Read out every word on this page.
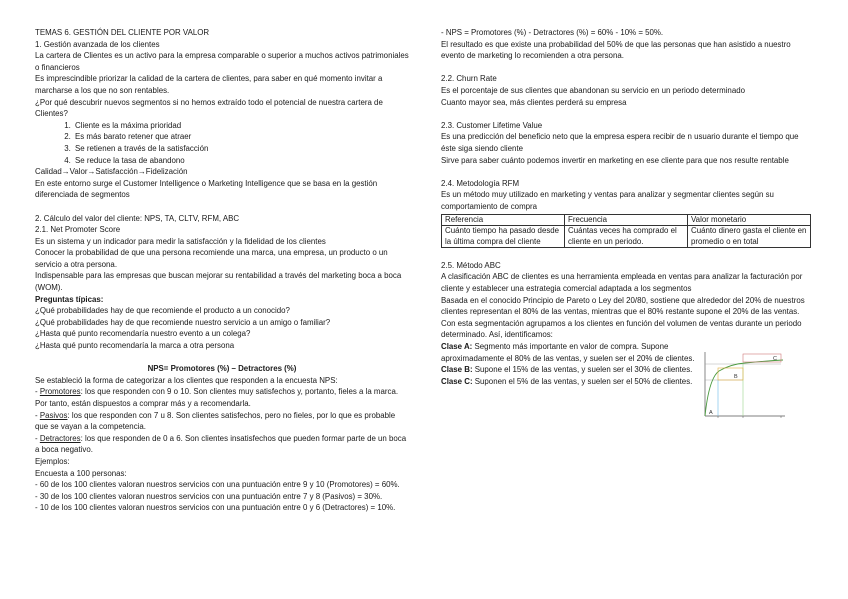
TEMAS 6. GESTIÓN DEL CLIENTE POR VALOR

1. Gestión avanzada de los clientes

La cartera de Clientes es un activo para la empresa comparable o superior a muchos activos patrimoniales o financieros

Es imprescindible priorizar la calidad de la cartera de clientes, para saber en qué momento invitar a marcharse a los que no son rentables.

¿Por qué descubrir nuevos segmentos si no hemos extraído todo el potencial de nuestra cartera de Clientes?

1. Cliente es la máxima prioridad
2. Es más barato retener que atraer
3. Se retienen a través de la satisfacción
4. Se reduce la tasa de abandono

Calidad→Valor→Satisfacción→Fidelización

En este entorno surge el Customer Intelligence o Marketing Intelligence que se basa en la gestión diferenciada de segmentos

2. Cálculo del valor del cliente: NPS, TA, CLTV, RFM, ABC

2.1. Net Promoter Score

Es un sistema y un indicador para medir la satisfacción y la fidelidad de los clientes

Conocer la probabilidad de que una persona recomiende una marca, una empresa, un producto o un servicio a otra persona.

Indispensable para las empresas que buscan mejorar su rentabilidad a través del marketing boca a boca (WOM).

Preguntas típicas:

¿Qué probabilidades hay de que recomiende el producto a un conocido?

¿Qué probabilidades hay de que recomiende nuestro servicio a un amigo o familiar?

¿Hasta qué punto recomendaría nuestro evento a un colega?

¿Hasta qué punto recomendaría la marca a otra persona

NPS= Promotores (%) – Detractores (%)

Se estableció la forma de categorizar a los clientes que responden a la encuesta NPS:

- Promotores: los que responden con 9 o 10. Son clientes muy satisfechos y, portanto, fieles a la marca. Por tanto, están dispuestos a comprar más y a recomendarla.

- Pasivos: los que responden con 7 u 8. Son clientes satisfechos, pero no fieles, por lo que es probable que se vayan a la competencia.

- Detractores: los que responden de 0 a 6. Son clientes insatisfechos que pueden formar parte de un boca a boca negativo.

Ejemplos:

Encuesta a 100 personas:

- 60 de los 100 clientes valoran nuestros servicios con una puntuación entre 9 y 10 (Promotores) = 60%.

- 30 de los 100 clientes valoran nuestros servicios con una puntuación entre 7 y 8 (Pasivos) = 30%.

- 10 de los 100 clientes valoran nuestros servicios con una puntuación entre 0 y 6 (Detractores) = 10%.

- NPS = Promotores (%) - Detractores (%) = 60% - 10% = 50%.

El resultado es que existe una probabilidad del 50% de que las personas que han asistido a nuestro evento de marketing lo recomienden a otra persona.

2.2. Churn Rate

Es el porcentaje de sus clientes que abandonan su servicio en un periodo determinado

Cuanto mayor sea, más clientes perderá su empresa

2.3. Customer Lifetime Value

Es una predicción del beneficio neto que la empresa espera recibir de n usuario durante el tiempo que éste siga siendo cliente

Sirve para saber cuánto podemos invertir en marketing en ese cliente para que nos resulte rentable

2.4. Metodología RFM

Es un método muy utilizado en marketing y ventas para analizar y segmentar clientes según su comportamiento de compra

Referencia	Frecuencia	Valor monetario
Cuánto tiempo ha pasado desde la última compra del cliente	Cuántas veces ha comprado el cliente en un periodo.	Cuánto dinero gasta el cliente en promedio o en total

2.5. Método ABC

A clasificación ABC de clientes es una herramienta empleada en ventas para analizar la facturación por cliente y establecer una estrategia comercial adaptada a los segmentos

Basada en el conocido Principio de Pareto o Ley del 20/80, sostiene que alrededor del 20% de nuestros clientes representan el 80% de las ventas, mientras que el 80% restante supone el 20% de las ventas.

Con esta segmentación agrupamos a los clientes en función del volumen de ventas durante un periodo determinado. Así, identificamos:

Clase A: Segmento más importante en valor de compra. Supone aproximadamente el 80% de las ventas, y suelen ser el 20% de clientes.

Clase B: Supone el 15% de las ventas, y suelen ser el 30% de clientes.

Clase C: Suponen el 5% de las ventas, y suelen ser el 50% de clientes.

A
B
C
